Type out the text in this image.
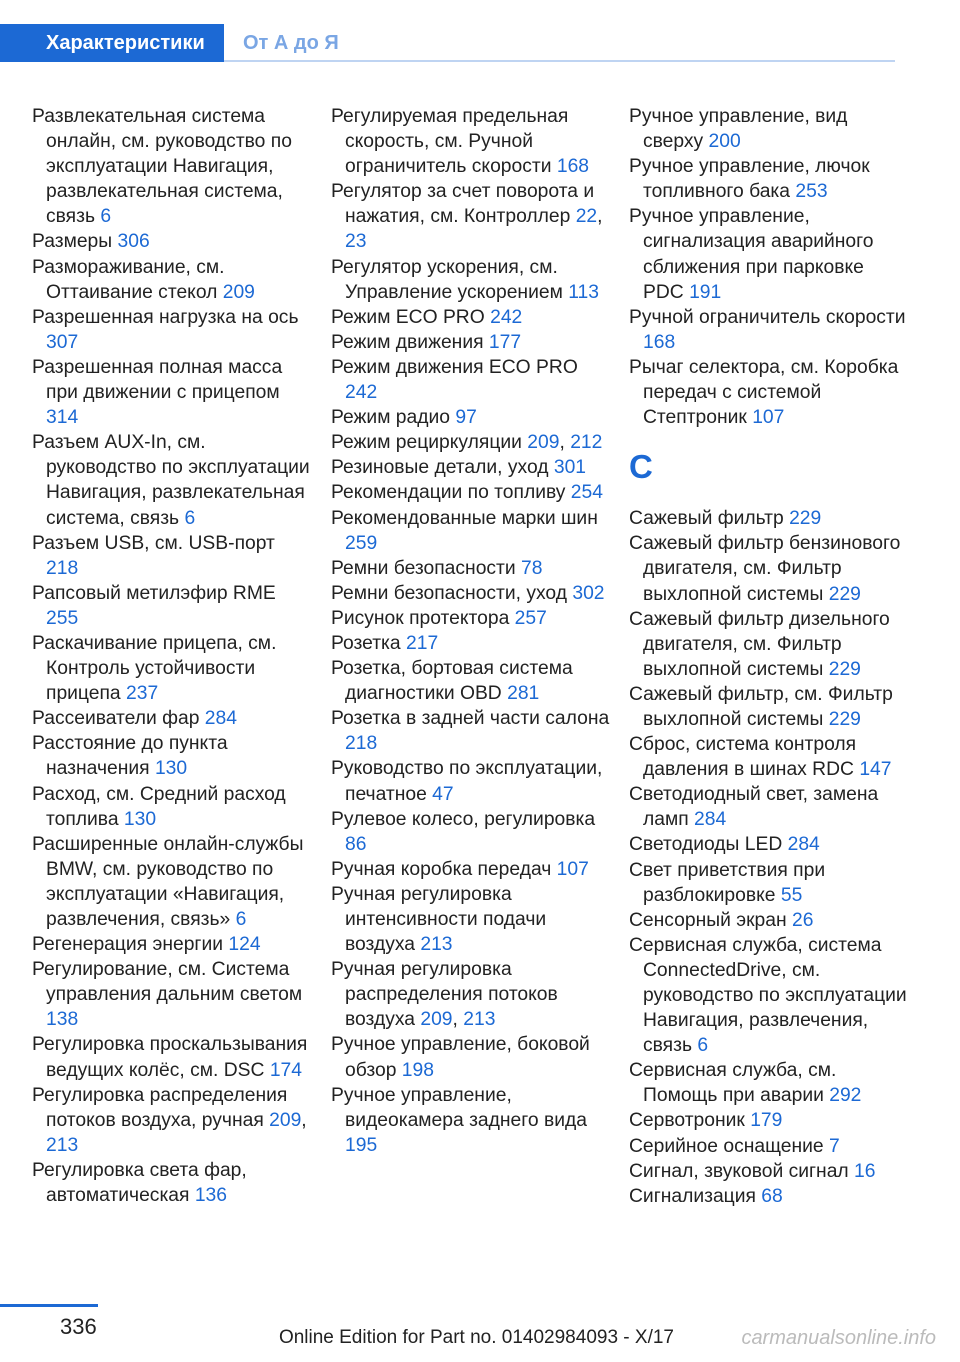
Характеристики	От А до Я

Развлекательная система онлайн, см. руководство по эксплуатации Навигация, развлекательная система, связь 6

Размеры 306

Размораживание, см. Оттаивание стекол 209

Разрешенная нагрузка на ось 307

Разрешенная полная масса при движении с прицепом 314

Разъем AUX-In, см. руководство по эксплуатации Навигация, развлекательная система, связь 6

Разъем USB, см. USB-порт 218

Рапсовый метилэфир RME 255

Раскачивание прицепа, см. Контроль устойчивости прицепа 237

Рассеиватели фар 284

Расстояние до пункта назначения 130

Расход, см. Средний расход топлива 130

Расширенные онлайн-службы BMW, см. руководство по эксплуатации «Навигация, развлечения, связь» 6

Регенерация энергии 124

Регулирование, см. Система управления дальним светом 138

Регулировка проскальзывания ведущих колёс, см. DSC 174

Регулировка распределения потоков воздуха, ручная 209, 213

Регулировка света фар, автоматическая 136

Регулируемая предельная скорость, см. Ручной ограничитель скорости 168

Регулятор за счет поворота и нажатия, см. Контроллер 22, 23

Регулятор ускорения, см. Управление ускорением 113

Режим ECO PRO 242

Режим движения 177

Режим движения ECO PRO 242

Режим радио 97

Режим рециркуляции 209, 212

Резиновые детали, уход 301

Рекомендации по топливу 254

Рекомендованные марки шин 259

Ремни безопасности 78

Ремни безопасности, уход 302

Рисунок протектора 257

Розетка 217

Розетка, бортовая система диагностики OBD 281

Розетка в задней части салона 218

Руководство по эксплуатации, печатное 47

Рулевое колесо, регулировка 86

Ручная коробка передач 107

Ручная регулировка интенсивности подачи воздуха 213

Ручная регулировка распределения потоков воздуха 209, 213

Ручное управление, боковой обзор 198

Ручное управление, видеокамера заднего вида 195

Ручное управление, вид сверху 200

Ручное управление, лючок топливного бака 253

Ручное управление, сигнализация аварийного сближения при парковке PDC 191

Ручной ограничитель скорости 168

Рычаг селектора, см. Коробка передач с системой Стептроник 107

С

Сажевый фильтр 229

Сажевый фильтр бензинового двигателя, см. Фильтр выхлопной системы 229

Сажевый фильтр дизельного двигателя, см. Фильтр выхлопной системы 229

Сажевый фильтр, см. Фильтр выхлопной системы 229

Сброс, система контроля давления в шинах RDC 147

Светодиодный свет, замена ламп 284

Светодиоды LED 284

Свет приветствия при разблокировке 55

Сенсорный экран 26

Сервисная служба, система ConnectedDrive, см. руководство по эксплуатации Навигация, развлечения, связь 6

Сервисная служба, см. Помощь при аварии 292

Сервотроник 179

Серийное оснащение 7

Сигнал, звуковой сигнал 16

Сигнализация 68

336	Online Edition for Part no. 01402984093 - X/17	carmanualsonline.info
